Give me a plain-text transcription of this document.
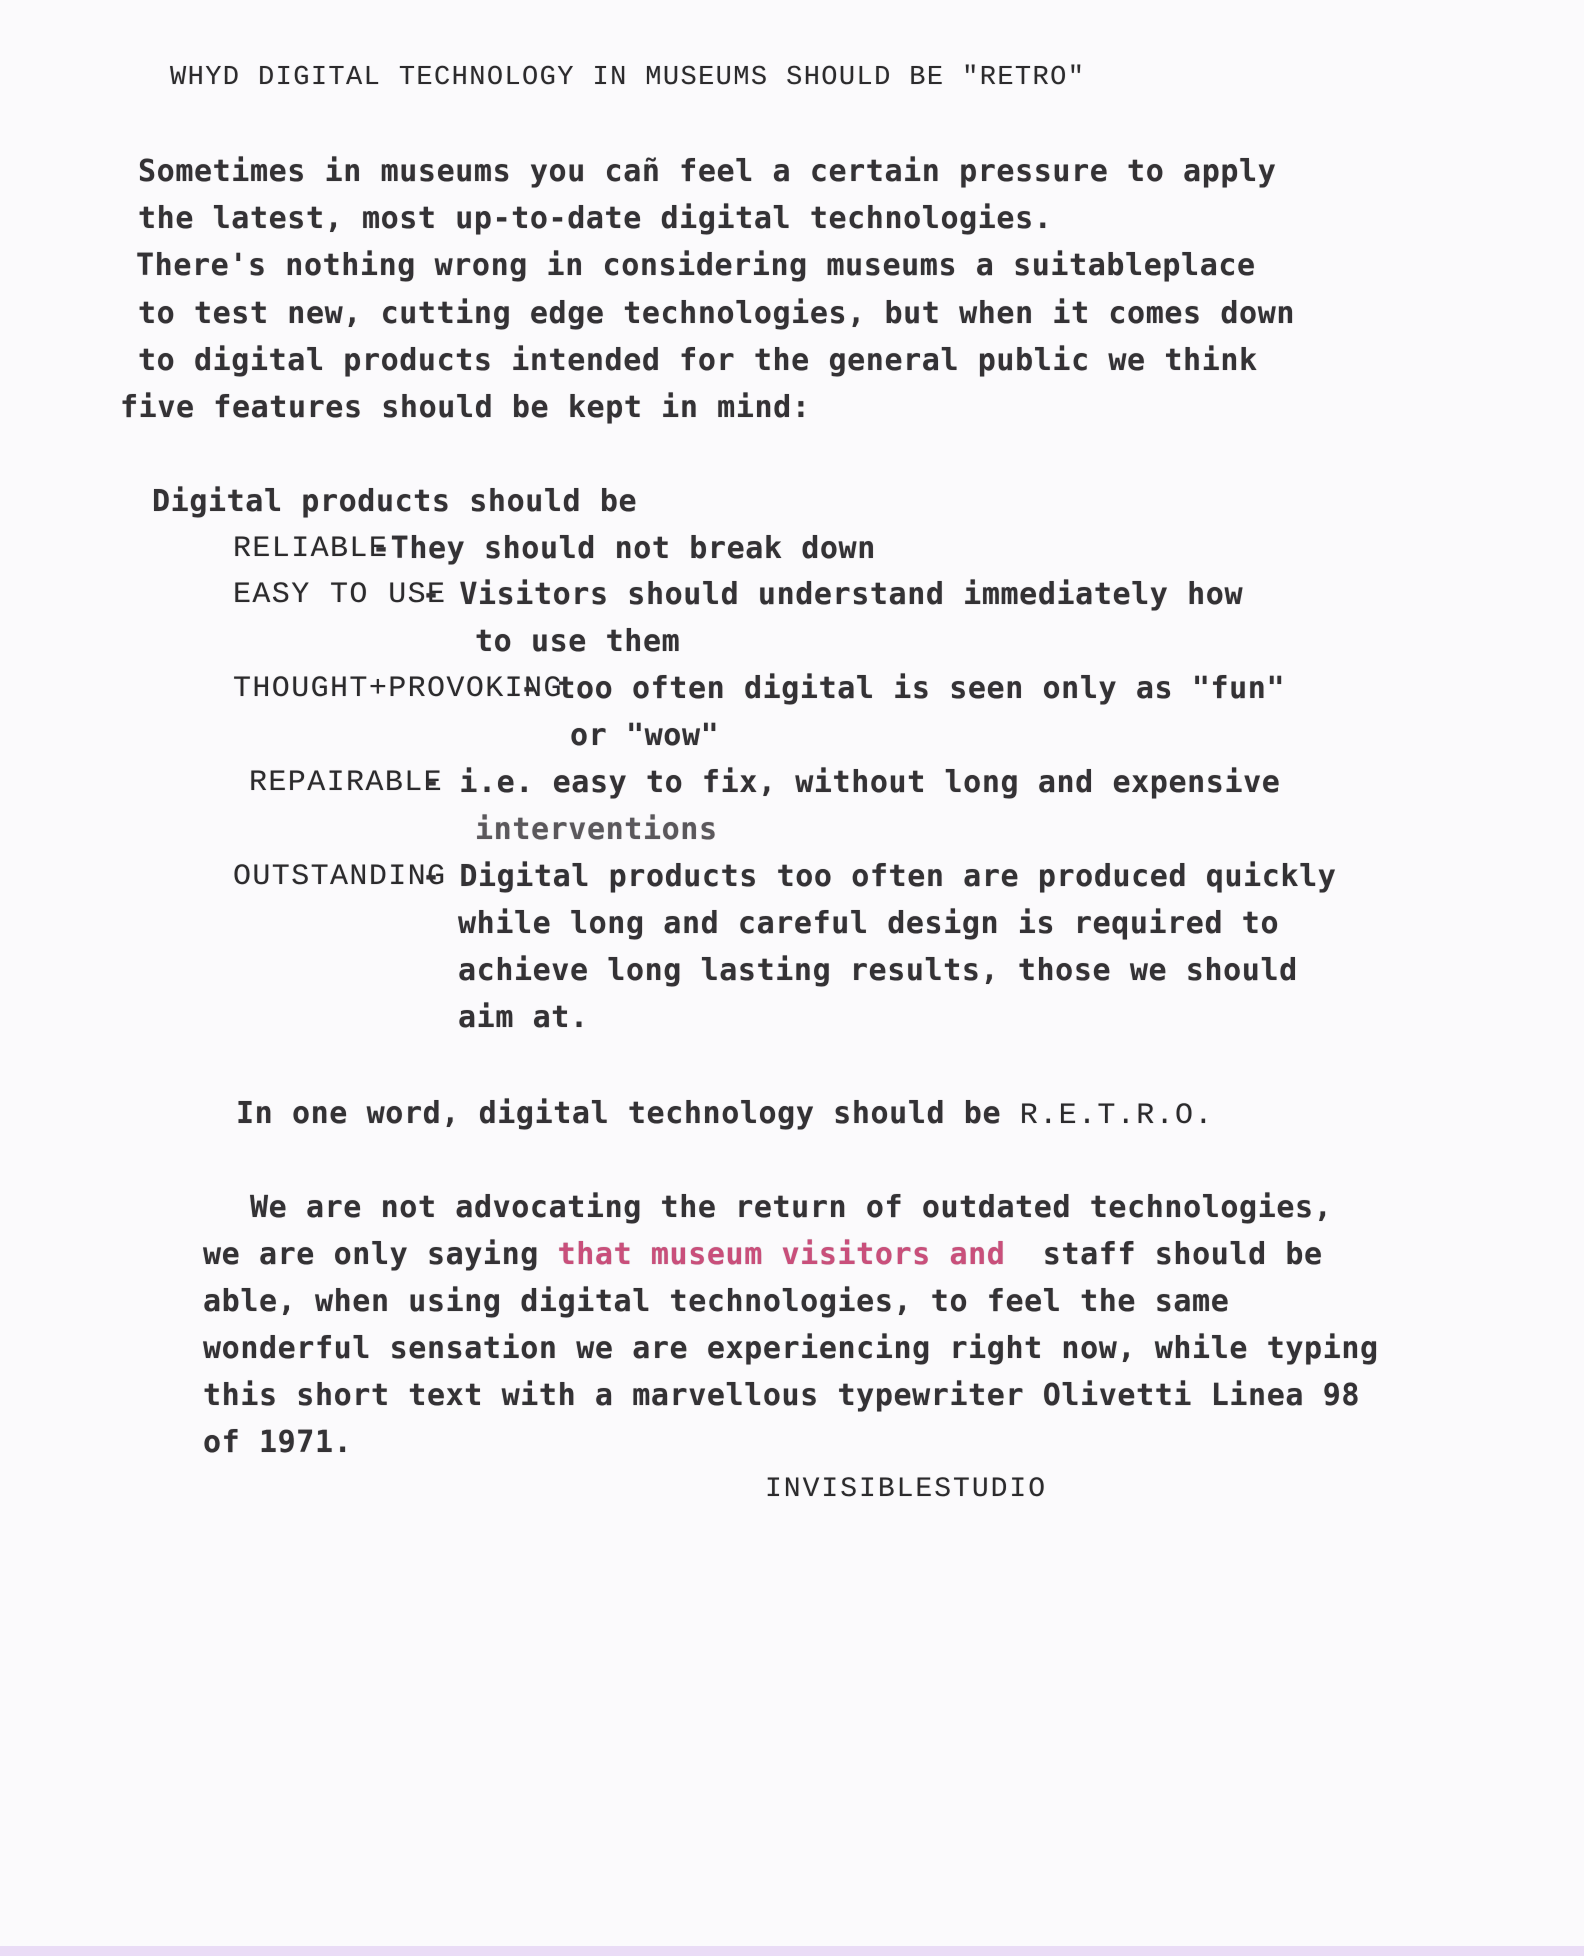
WHYD DIGITAL TECHNOLOGY IN MUSEUMS SHOULD BE "RETRO"
Sometimes in museums you cañ feel a certain pressure to apply
the latest, most up-to-date digital technologies.
There's nothing wrong in considering museums a suitableplace
to test new, cutting edge technologies, but when it comes down
to digital products intended for the general public we think
five features should be kept in mind:
Digital products should be
RELIABLE
-They should not break down
EASY TO USE
- Visitors should understand immediately how
to use them
THOUGHT+PROVOKING
- too often digital is seen only as "fun"
or "wow"
REPAIRABLE
- i.e. easy to fix, without long and expensive
interventions
OUTSTANDING
- Digital products too often are produced quickly
while long and careful design is required to
achieve long lasting results, those we should
aim at.
In one word, digital technology should be R.E.T.R.O.
We are not advocating the return of outdated technologies,
we are only saying that museum visitors and  staff should be
able, when using digital technologies, to feel the same
wonderful sensation we are experiencing right now, while typing
this short text with a marvellous typewriter Olivetti Linea 98
of 1971.
INVISIBLESTUDIO
